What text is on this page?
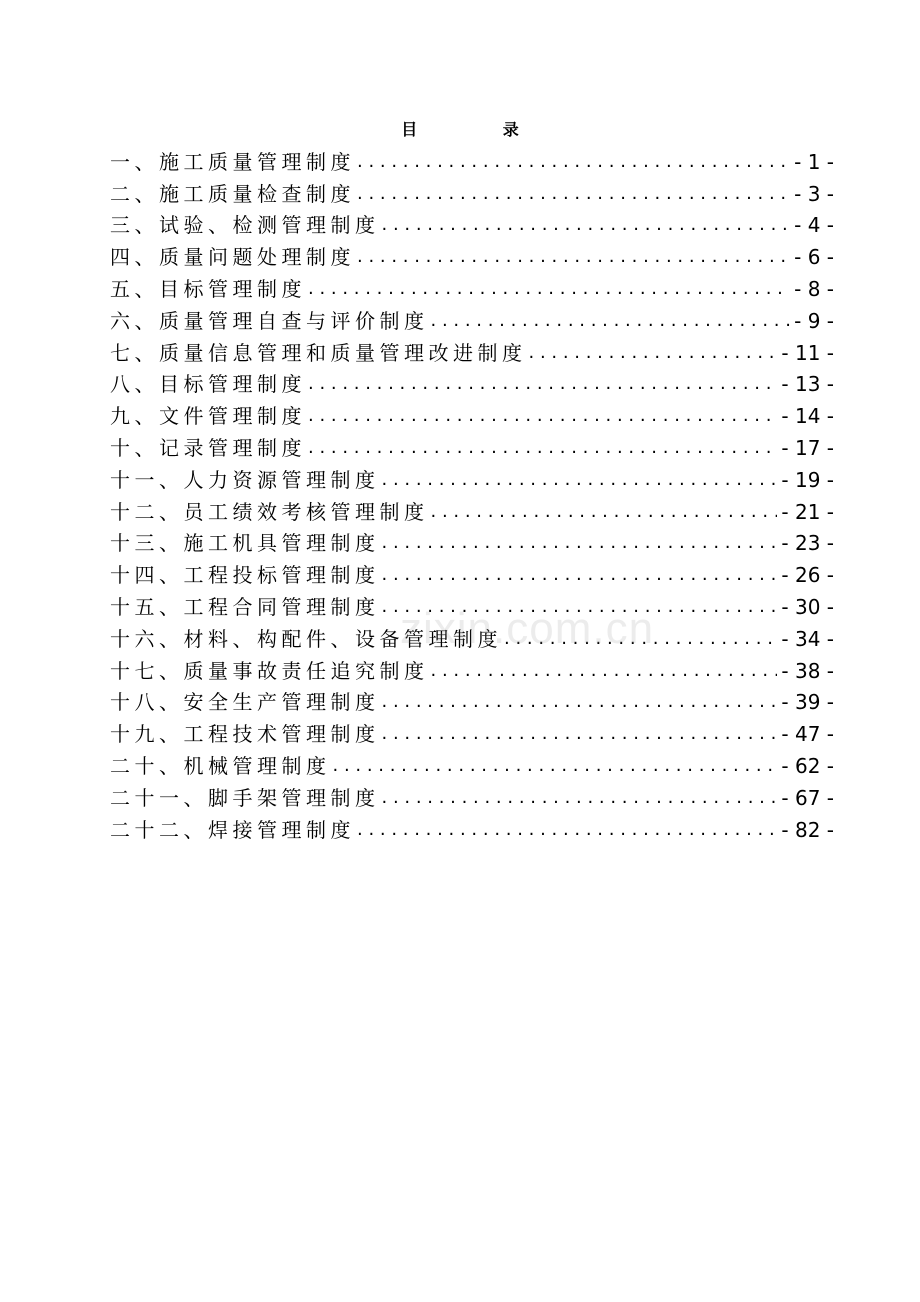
目 录
一、施工质量管理制度 . . .	- 1 -
二、施工质量检查制度 . . .	- 3 -
三、试验、检测管理制度 . . .	- 4 -
四、质量问题处理制度 . . .	- 6 -
五、目标管理制度 . . .	- 8 -
六、质量管理自查与评价制度 . . .	- 9 -
七、质量信息管理和质量管理改进制度 . . .	- 11 -
八、目标管理制度 . . .	- 13 -
九、文件管理制度 . . .	- 14 -
十、记录管理制度 . . .	- 17 -
十一、人力资源管理制度 . . .	- 19 -
十二、员工绩效考核管理制度 . . .	- 21 -
十三、施工机具管理制度 . . .	- 23 -
十四、工程投标管理制度 . . .	- 26 -
十五、工程合同管理制度 . . .	- 30 -
十六、材料、构配件、设备管理制度 . . .	- 34 -
十七、质量事故责任追究制度 . . .	- 38 -
十八、安全生产管理制度 . . .	- 39 -
十九、工程技术管理制度 . . .	- 47 -
二十、机械管理制度 . . .	- 62 -
二十一、脚手架管理制度 . . .	- 67 -
二十二、焊接管理制度 . . .	- 82 -
zixin.com.cn
